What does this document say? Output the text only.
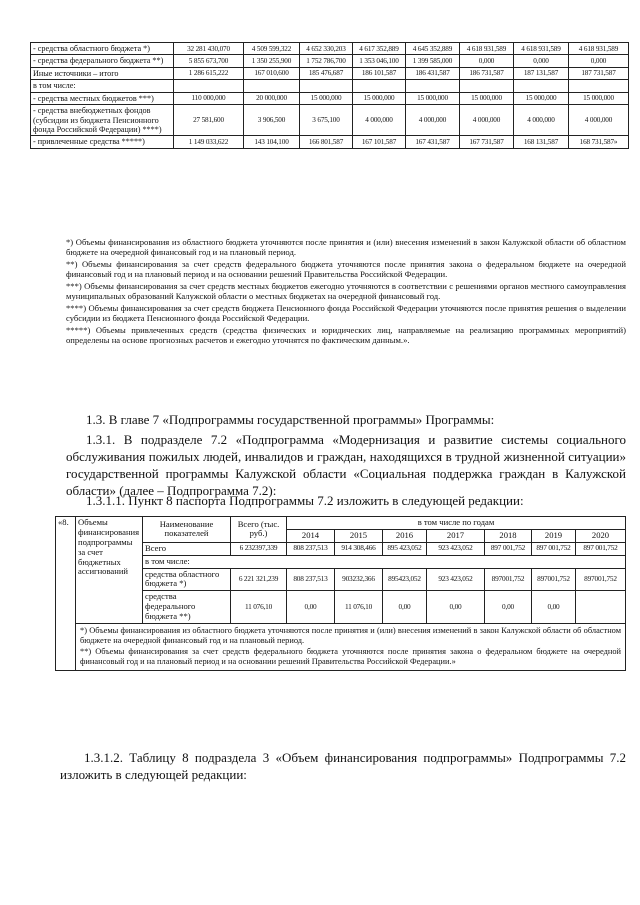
- средства областного бюджета *)	32 281 430,070	4 509 599,322	4 652 330,203	4 617 352,889	4 645 352,889	4 618 931,589	4 618 931,589	4 618 931,589
- средства федерального бюджета **)	5 855 673,700	1 350 255,900	1 752 786,700	1 353 046,100	1 399 585,000	0,000	0,000	0,000
Иные источники – итого	1 286 615,222	167 010,600	185 476,687	186 101,587	186 431,587	186 731,587	187 131,587	187 731,587
в том числе:								
- средства местных бюджетов ***)	110 000,000	20 000,000	15 000,000	15 000,000	15 000,000	15 000,000	15 000,000	15 000,000
- средства внебюджетных фондов (субсидии из бюджета Пенсионного фонда Российской Федерации) ****)	27 581,600	3 906,500	3 675,100	4 000,000	4 000,000	4 000,000	4 000,000	4 000,000
- привлеченные средства *****)	1 149 033,622	143 104,100	166 801,587	167 101,587	167 431,587	167 731,587	168 131,587	168 731,587»

*) Объемы финансирования из областного бюджета уточняются после принятия и (или) внесения изменений в закон Калужской области об областном бюджете на очередной финансовый год и на плановый период.

**) Объемы финансирования за счет средств федерального бюджета уточняются после принятия закона о федеральном бюджете на очередной финансовый год и на плановый период и на основании решений Правительства Российской Федерации.

***) Объемы финансирования за счет средств местных бюджетов ежегодно уточняются в соответствии с решениями органов местного самоуправления муниципальных образований Калужской области о местных бюджетах на очередной финансовый год.

****) Объемы финансирования за счет средств бюджета Пенсионного фонда Российской Федерации уточняются после принятия решения о выделении субсидии из бюджета Пенсионного фонда Российской Федерации.

*****) Объемы привлеченных средств (средства физических и юридических лиц, направляемые на реализацию программных мероприятий) определены на основе прогнозных расчетов и ежегодно уточнятся по фактическим данным.».

1.3. В главе 7 «Подпрограммы государственной программы» Программы:

1.3.1. В подразделе 7.2 «Подпрограмма «Модернизация и развитие системы социального обслуживания пожилых людей, инвалидов и граждан, находящихся в трудной жизненной ситуации» государственной программы Калужской области «Социальная поддержка граждан в Калужской области» (далее – Подпрограмма 7.2):

1.3.1.1. Пункт 8 паспорта Подпрограммы 7.2 изложить в следующей редакции:

«8.	Объемы финансирования подпрограммы за счет бюджетных ассигнований	Наименование показателей	Всего (тыс. руб.)	в том числе по годам						
				2014	2015	2016	2017	2018	2019	2020
		Всего	6 232397,339	808 237,513	914 308,466	895 423,052	923 423,052	897 001,752	897 001,752	897 001,752
		в том числе:								
		средства областного бюджета *)	6 221 321,239	808 237,513	903232,366	895423,052	923 423,052	897001,752	897001,752	897001,752
		средства федерального бюджета **)	11 076,10	0,00	11 076,10	0,00	0,00	0,00	0,00	

	*) Объемы финансирования из областного бюджета уточняются после принятия и (или) внесения изменений в закон Калужской области об областном бюджете на очередной финансовый год и на плановый период.

**) Объемы финансирования за счет средств федерального бюджета уточняются после принятия закона о федеральном бюджете на очередной финансовый год и на плановый период и на основании решений Правительства Российской Федерации.»									

1.3.1.2. Таблицу 8 подраздела 3 «Объем финансирования подпрограммы» Подпрограммы 7.2 изложить в следующей редакции:
